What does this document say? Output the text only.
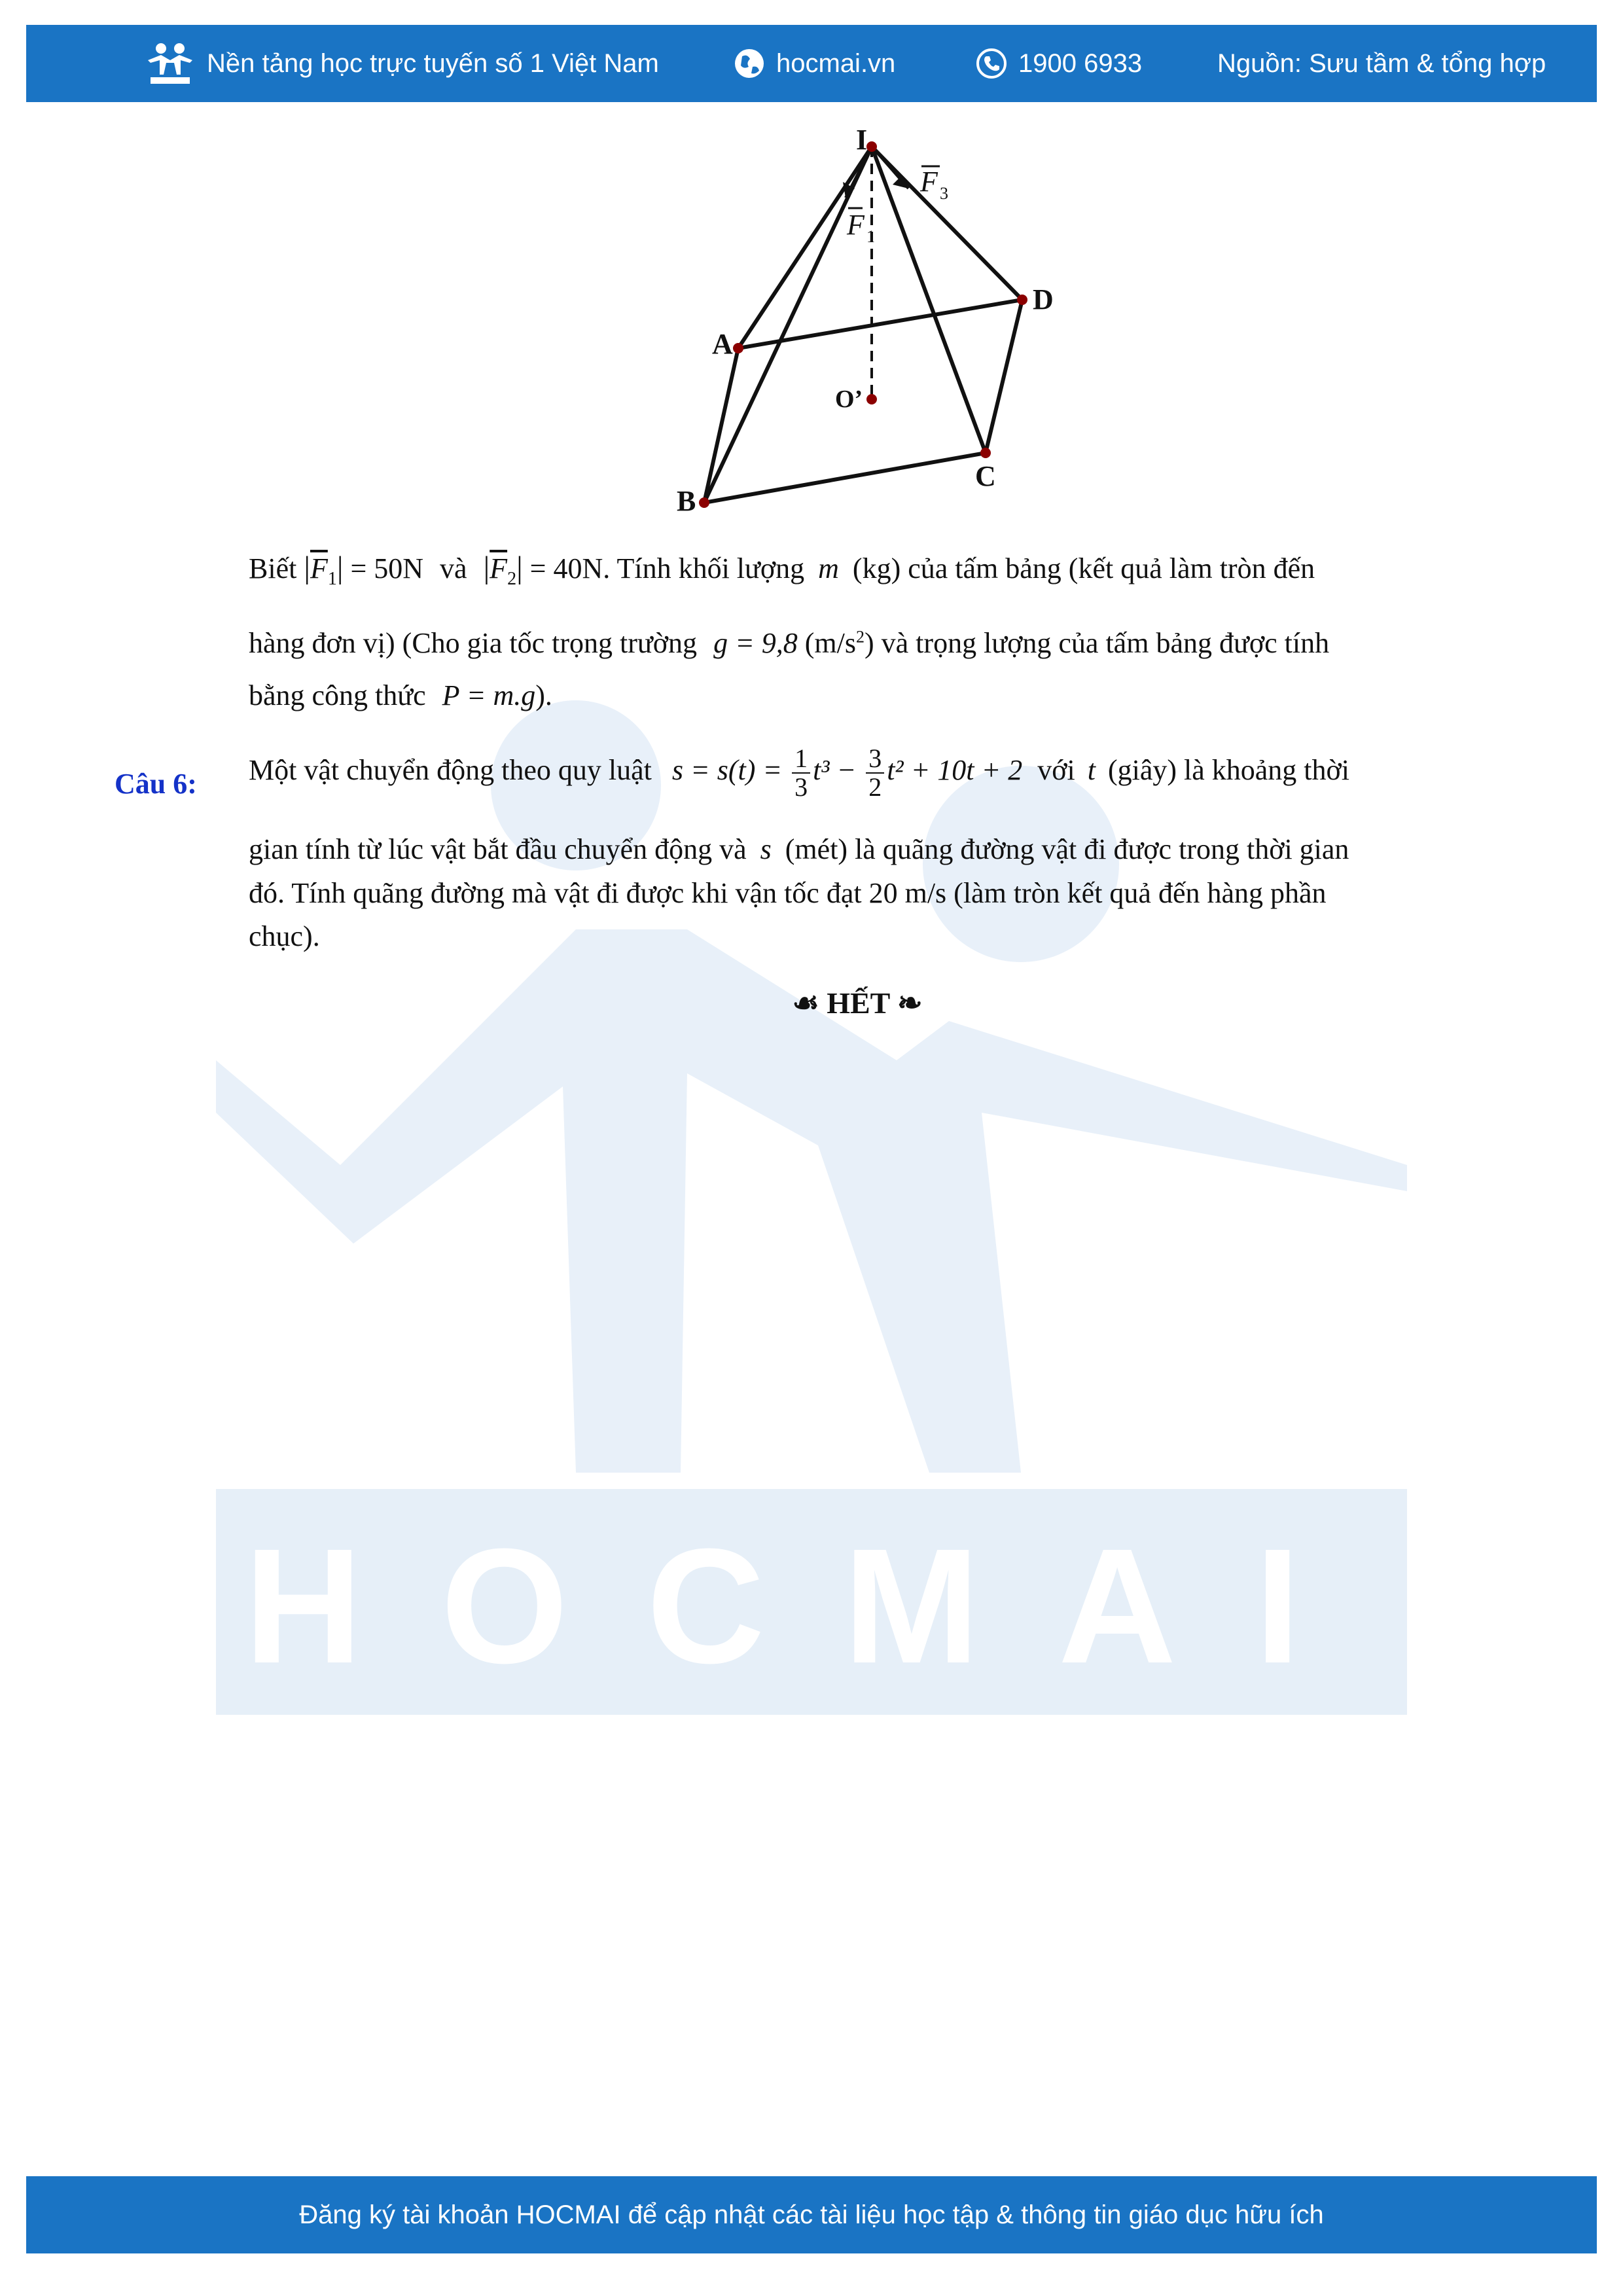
HOCMAI
Nền tảng học trực tuyến số 1 Việt Nam	hocmai.vn	1900 6933	Nguồn: Sưu tầm & tổng hợp
I
A
B
C
D
O’
F 1
F 3
Biết $|\overline{F}_1| = 50N$ và $|\overline{F}_2| = 40N$. Tính khối lượng m (kg) của tấm bảng (kết quả làm tròn đến
hàng đơn vị) (Cho gia tốc trọng trường g = 9,8 $(m/s^2)$ và trọng lượng của tấm bảng được tính
bằng công thức P = m.g).
Câu 6: Một vật chuyển động theo quy luật $s = s(t) = \frac{1}{3} t^3 - \frac{3}{2} t^2 + 10t + 2$ với t (giây) là khoảng thời
gian tính từ lúc vật bắt đầu chuyển động và s (mét) là quãng đường vật đi được trong thời gian
đó. Tính quãng đường mà vật đi được khi vận tốc đạt 20 m/s (làm tròn kết quả đến hàng phần
chục).
☙ HẾT ❧
Đăng ký tài khoản HOCMAI để cập nhật các tài liệu học tập & thông tin giáo dục hữu ích
